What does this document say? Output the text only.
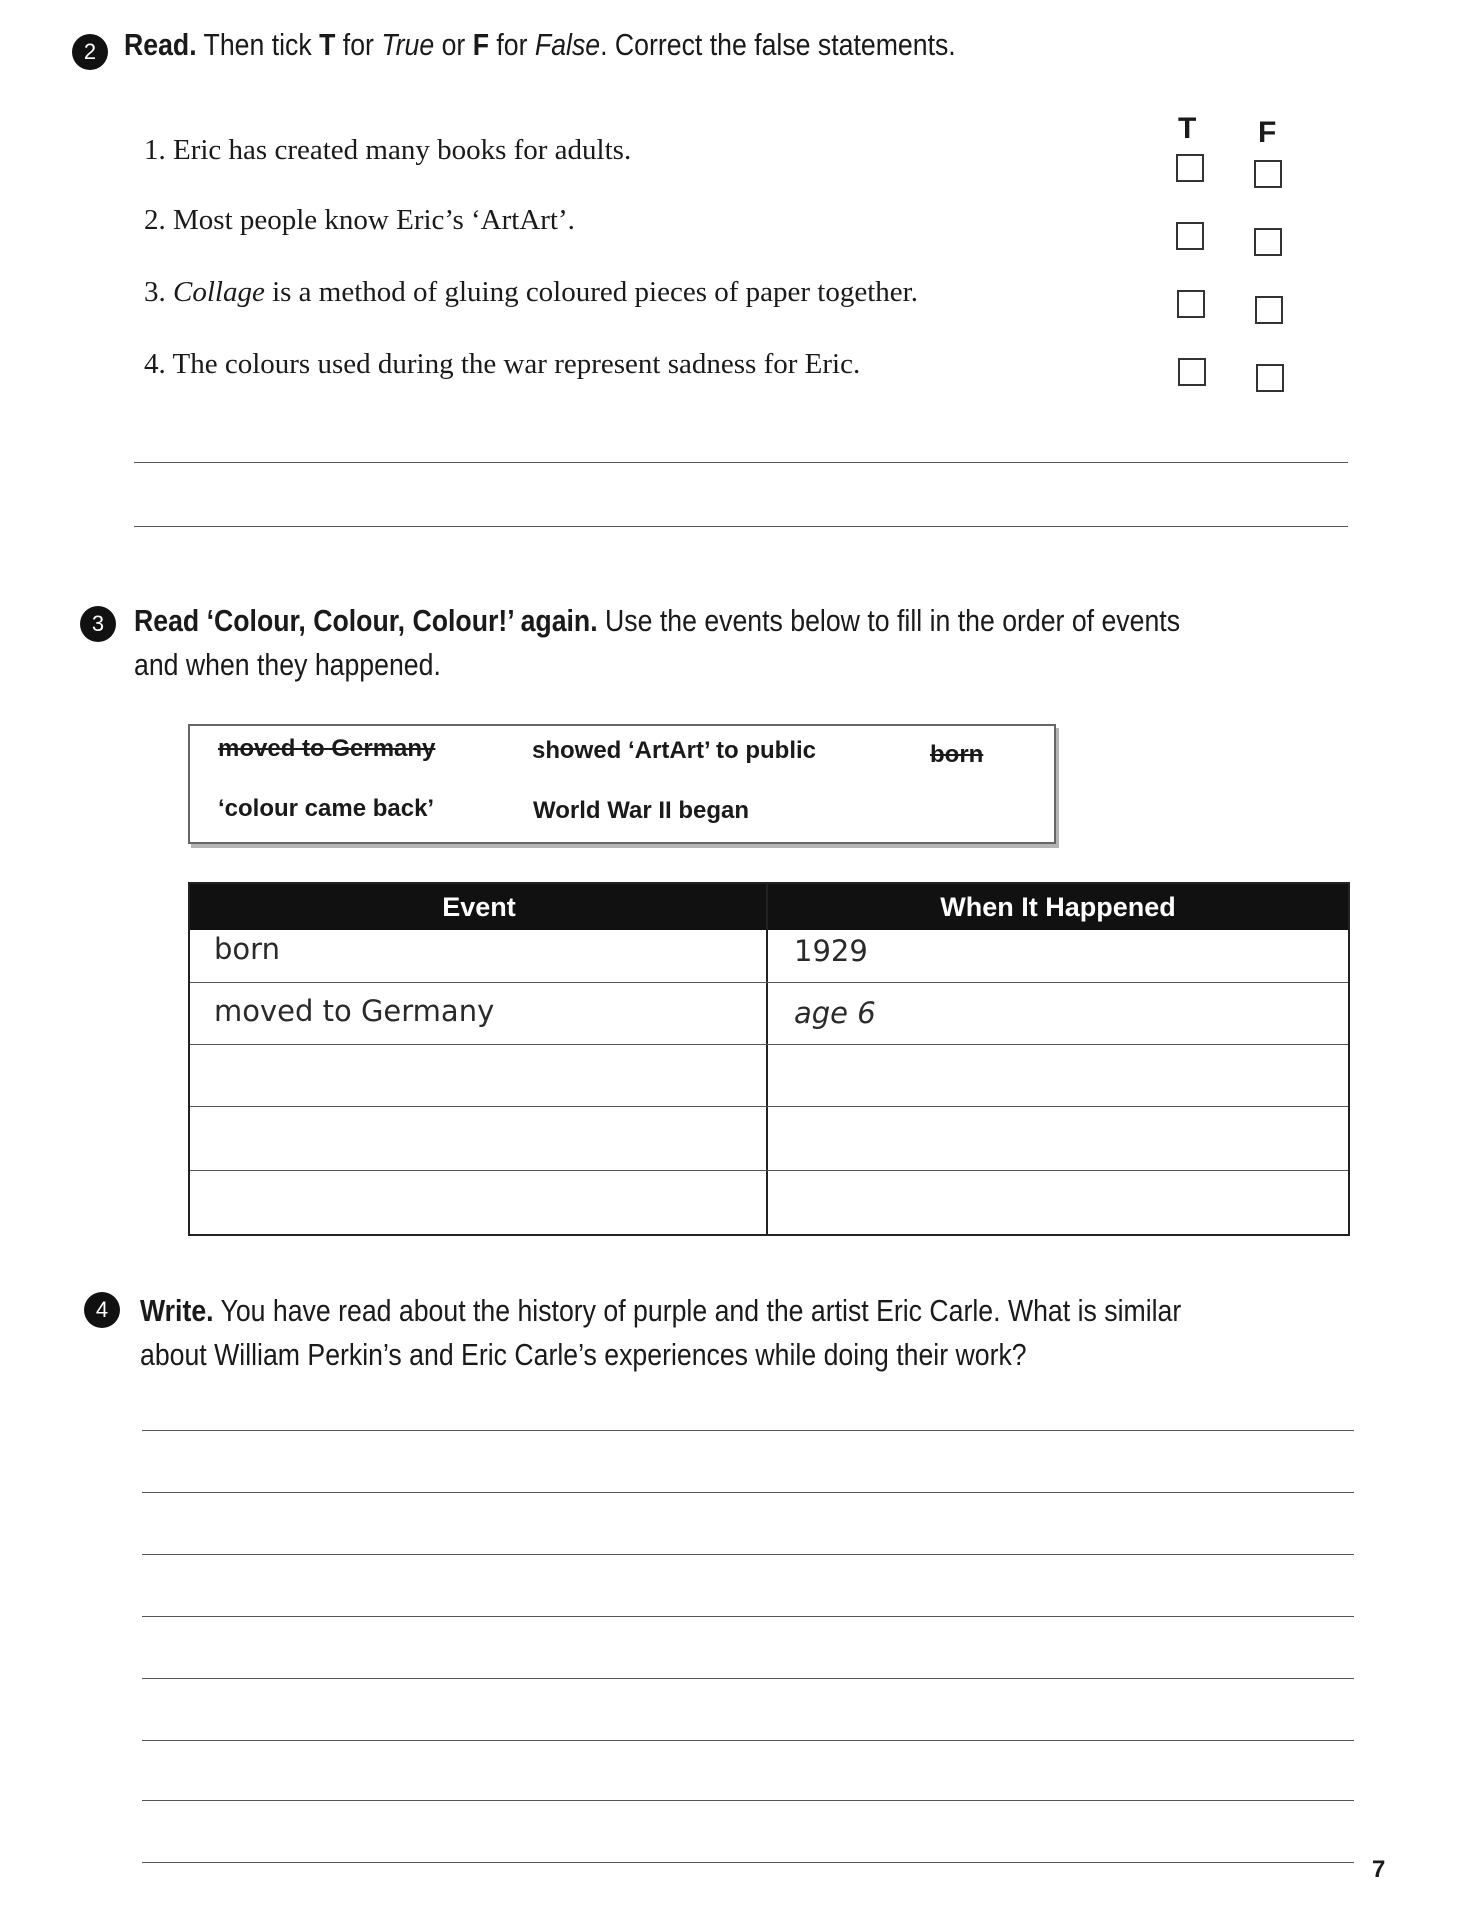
2 Read. Then tick T for True or F for False. Correct the false statements.
T F
1. Eric has created many books for adults.
2. Most people know Eric’s ‘ArtArt’.
3. Collage is a method of gluing coloured pieces of paper together.
4. The colours used during the war represent sadness for Eric.
3 Read ‘Colour, Colour, Colour!’ again. Use the events below to fill in the order of events
and when they happened.
moved to Germany	showed ‘ArtArt’ to public	born
‘colour came back’	World War II began
Event	When It Happened
born	1929
moved to Germany	age 6
4	Write. You have read about the history of purple and the artist Eric Carle. What is similar
about William Perkin’s and Eric Carle’s experiences while doing their work?
7
